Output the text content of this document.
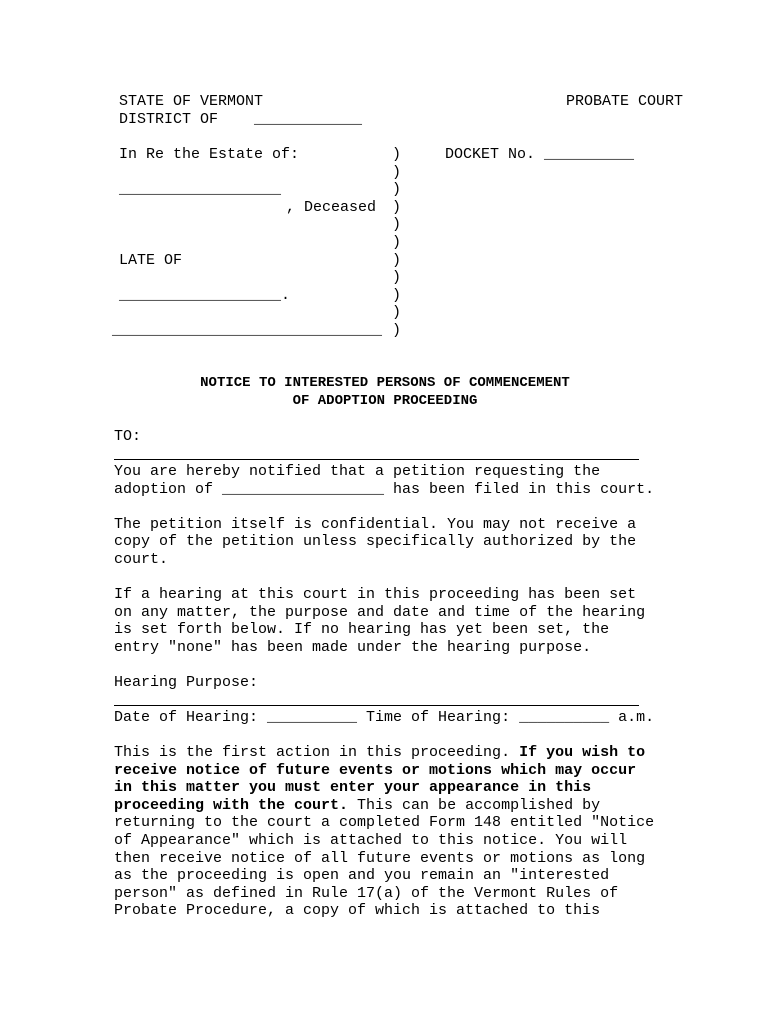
STATE OF VERMONT	PROBATE COURT
DISTRICT OF    ____________
In Re the Estate of:	DOCKET No. __________
__________________
, Deceased
LATE OF
__________________.
______________________________
)
)
)
)
)
)
)
)
)
)
)
NOTICE TO INTERESTED PERSONS OF COMMENCEMENT
OF ADOPTION PROCEEDING
TO:
You are hereby notified that a petition requesting the
adoption of __________________ has been filed in this court.
The petition itself is confidential. You may not receive a
copy of the petition unless specifically authorized by the
court.
If a hearing at this court in this proceeding has been set
on any matter, the purpose and date and time of the hearing
is set forth below. If no hearing has yet been set, the
entry "none" has been made under the hearing purpose.
Hearing Purpose:
Date of Hearing: __________ Time of Hearing: __________ a.m.
This is the first action in this proceeding. If you wish to
receive notice of future events or motions which may occur
in this matter you must enter your appearance in this
proceeding with the court. This can be accomplished by
returning to the court a completed Form 148 entitled "Notice
of Appearance" which is attached to this notice. You will
then receive notice of all future events or motions as long
as the proceeding is open and you remain an "interested
person" as defined in Rule 17(a) of the Vermont Rules of
Probate Procedure, a copy of which is attached to this
